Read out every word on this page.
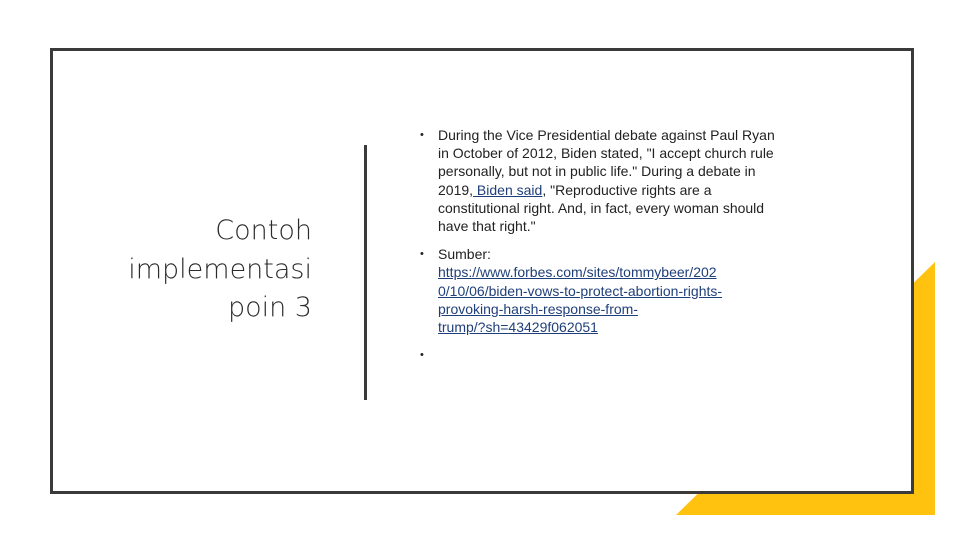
Contoh
implementasi
poin 3
• During the Vice Presidential debate against Paul Ryan in October of 2012, Biden stated, "I accept church rule personally, but not in public life." During a debate in 2019, Biden said, "Reproductive rights are a constitutional right. And, in fact, every woman should have that right."
• Sumber:
https://www.forbes.com/sites/tommybeer/202
0/10/06/biden-vows-to-protect-abortion-rights-
provoking-harsh-response-from-
trump/?sh=43429f062051
•
